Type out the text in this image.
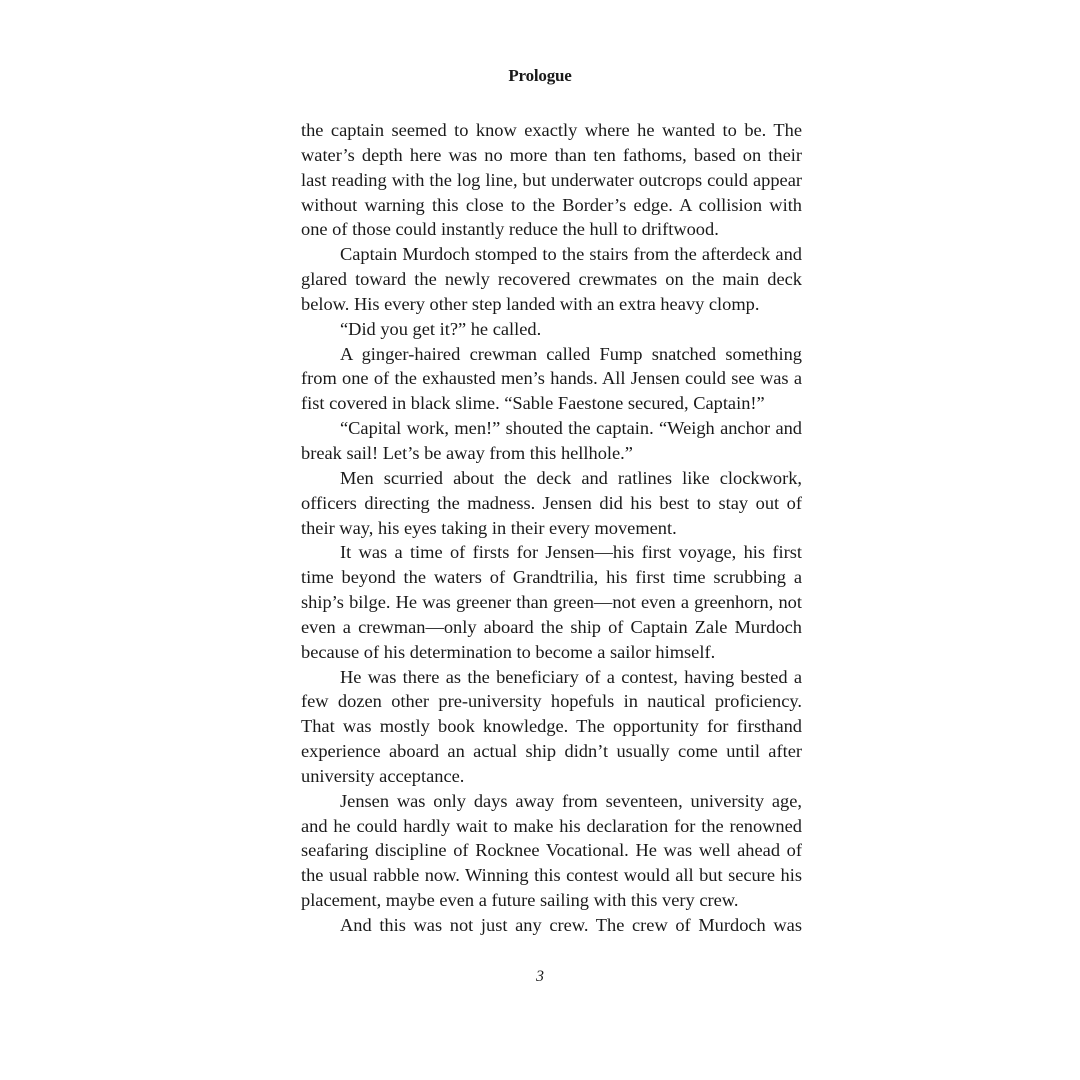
Prologue

the captain seemed to know exactly where he wanted to be. The water’s depth here was no more than ten fathoms, based on their last reading with the log line, but underwater outcrops could appear without warning this close to the Border’s edge. A collision with one of those could instantly reduce the hull to driftwood.

Captain Murdoch stomped to the stairs from the afterdeck and glared toward the newly recovered crewmates on the main deck below. His every other step landed with an extra heavy clomp.

“Did you get it?” he called.

A ginger-haired crewman called Fump snatched something from one of the exhausted men’s hands. All Jensen could see was a fist covered in black slime. “Sable Faestone secured, Captain!”

“Capital work, men!” shouted the captain. “Weigh anchor and break sail! Let’s be away from this hellhole.”

Men scurried about the deck and ratlines like clockwork, officers directing the madness. Jensen did his best to stay out of their way, his eyes taking in their every movement.

It was a time of firsts for Jensen—his first voyage, his first time beyond the waters of Grandtrilia, his first time scrubbing a ship’s bilge. He was greener than green—not even a greenhorn, not even a crewman—only aboard the ship of Captain Zale Murdoch because of his determination to become a sailor himself.

He was there as the beneficiary of a contest, having bested a few dozen other pre-university hopefuls in nautical proficiency. That was mostly book knowledge. The opportunity for firsthand experience aboard an actual ship didn’t usually come until after university acceptance.

Jensen was only days away from seventeen, university age, and he could hardly wait to make his declaration for the renowned seafaring discipline of Rocknee Vocational. He was well ahead of the usual rabble now. Winning this contest would all but secure his placement, maybe even a future sailing with this very crew.

And this was not just any crew. The crew of Murdoch was

3
